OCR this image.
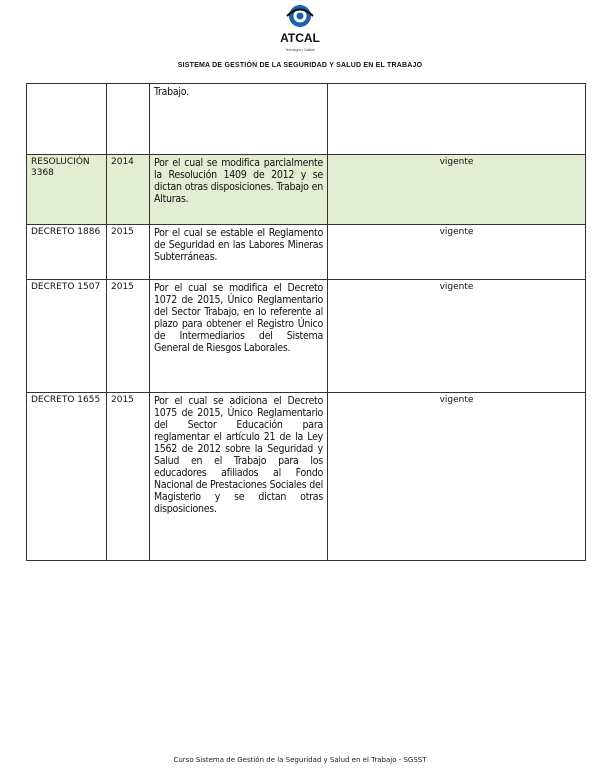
ATCAL
Tecnología y Calidad
SISTEMA DE GESTIÓN DE LA SEGURIDAD Y SALUD EN EL TRABAJO
		Trabajo.	
RESOLUCIÓN 3368	2014	Por el cual se modifica parcialmente la Resolución 1409 de 2012 y se dictan otras disposiciones. Trabajo en Alturas.	vigente
DECRETO 1886	2015	Por el cual se estable el Reglamento de Seguridad en las Labores Mineras Subterráneas.	vigente
DECRETO 1507	2015	Por el cual se modifica el Decreto 1072 de 2015, Único Reglamentario del Sector Trabajo, en lo referente al plazo para obtener el Registro Único de Intermediarios del Sistema General de Riesgos Laborales.	vigente
DECRETO 1655	2015	Por el cual se adiciona el Decreto 1075 de 2015, Único Reglamentario del Sector Educación para reglamentar el artículo 21 de la Ley 1562 de 2012 sobre la Seguridad y Salud en el Trabajo para los educadores afiliados al Fondo Nacional de Prestaciones Sociales del Magisterio y se dictan otras disposiciones.	vigente
Curso Sistema de Gestión de la Seguridad y Salud en el Trabajo - SGSST
